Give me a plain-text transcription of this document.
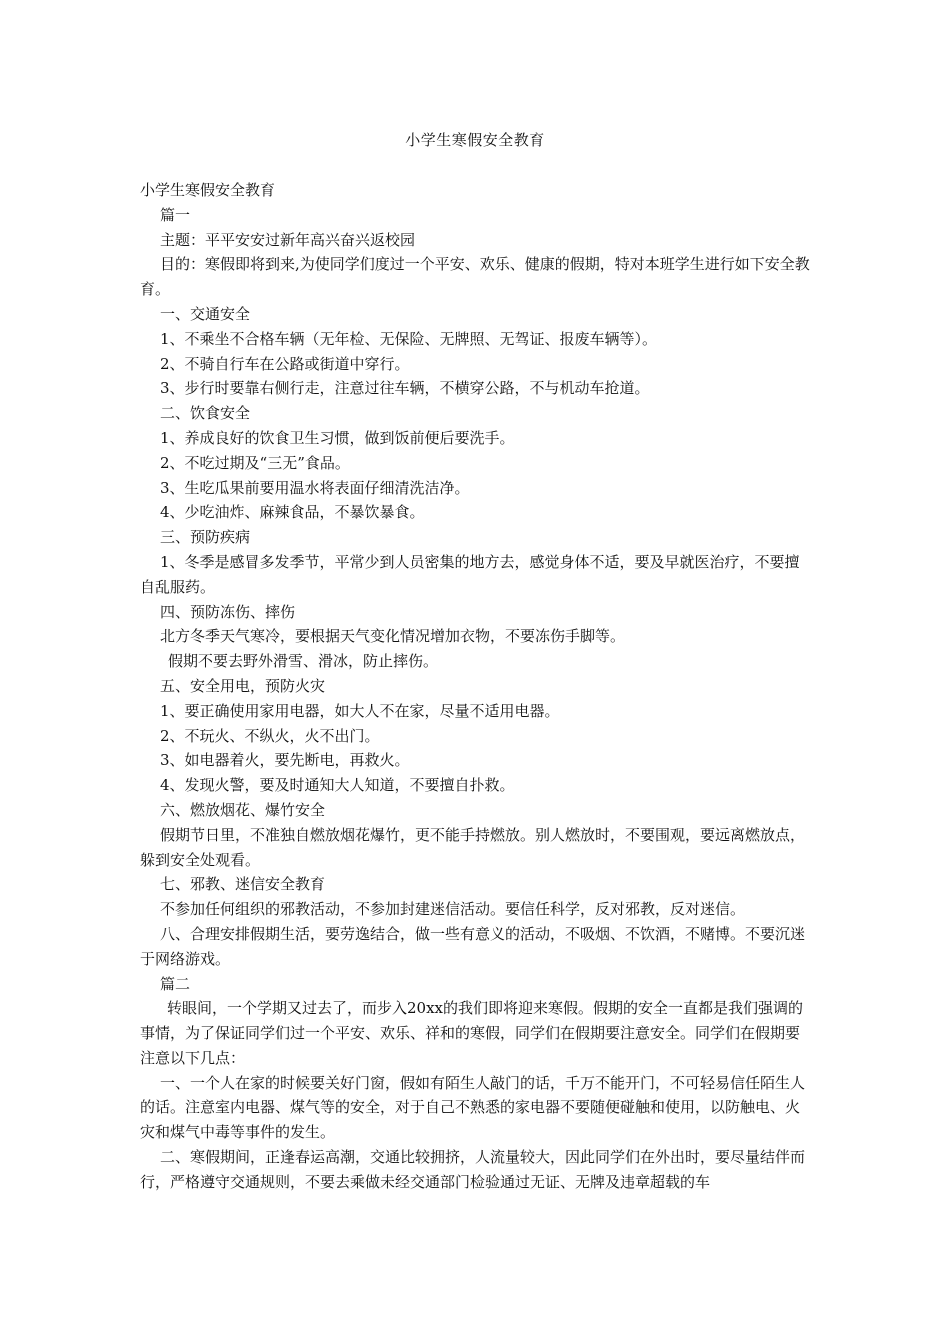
小学生寒假安全教育

小学生寒假安全教育

篇一

主题：平平安安过新年高兴奋兴返校园

目的：寒假即将到来,为使同学们度过一个平安、欢乐、健康的假期，特对本班学生进行如下安全教育。

一、交通安全

1、不乘坐不合格车辆（无年检、无保险、无牌照、无驾证、报废车辆等）。

2、不骑自行车在公路或街道中穿行。

3、步行时要靠右侧行走，注意过往车辆，不横穿公路，不与机动车抢道。

二、饮食安全

1、养成良好的饮食卫生习惯，做到饭前便后要洗手。

2、不吃过期及“三无”食品。

3、生吃瓜果前要用温水将表面仔细清洗洁净。

4、少吃油炸、麻辣食品，不暴饮暴食。

三、预防疾病

1、冬季是感冒多发季节，平常少到人员密集的地方去，感觉身体不适，要及早就医治疗，不要擅自乱服药。

四、预防冻伤、摔伤

北方冬季天气寒冷，要根据天气变化情况增加衣物，不要冻伤手脚等。

假期不要去野外滑雪、滑冰，防止摔伤。

五、安全用电，预防火灾

1、要正确使用家用电器，如大人不在家，尽量不适用电器。

2、不玩火、不纵火，火不出门。

3、如电器着火，要先断电，再救火。

4、发现火警，要及时通知大人知道，不要擅自扑救。

六、燃放烟花、爆竹安全

假期节日里，不准独自燃放烟花爆竹，更不能手持燃放。别人燃放时，不要围观，要远离燃放点，躲到安全处观看。

七、邪教、迷信安全教育

不参加任何组织的邪教活动，不参加封建迷信活动。要信任科学，反对邪教，反对迷信。

八、合理安排假期生活，要劳逸结合，做一些有意义的活动，不吸烟、不饮酒，不赌博。不要沉迷于网络游戏。

篇二

转眼间，一个学期又过去了，而步入20xx的我们即将迎来寒假。假期的安全一直都是我们强调的事情，为了保证同学们过一个平安、欢乐、祥和的寒假，同学们在假期要注意安全。同学们在假期要注意以下几点：

一、一个人在家的时候要关好门窗，假如有陌生人敲门的话，千万不能开门，不可轻易信任陌生人的话。注意室内电器、煤气等的安全，对于自己不熟悉的家电器不要随便碰触和使用，以防触电、火灾和煤气中毒等事件的发生。

二、寒假期间，正逢春运高潮，交通比较拥挤，人流量较大，因此同学们在外出时，要尽量结伴而行，严格遵守交通规则，不要去乘做未经交通部门检验通过无证、无牌及违章超载的车
